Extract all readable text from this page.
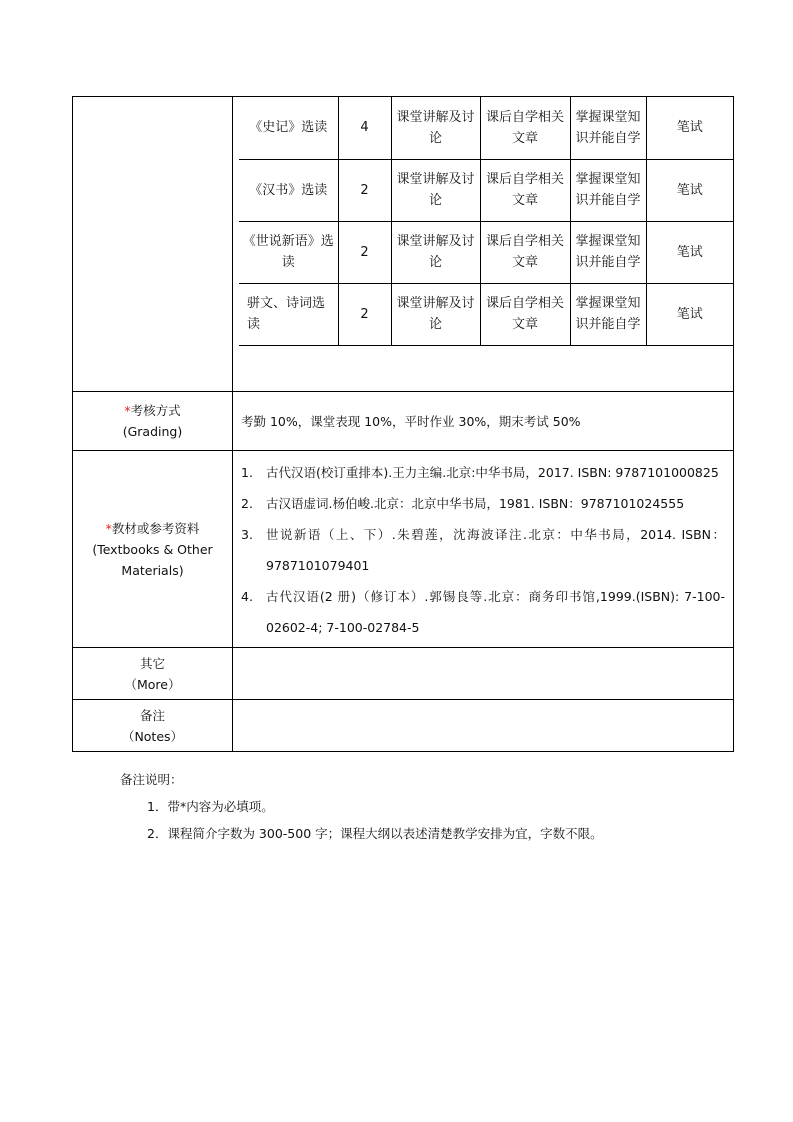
《史记》选读	4	课堂讲解及讨论	课后自学相关文章	掌握课堂知识并能自学	笔试
《汉书》选读	2	课堂讲解及讨论	课后自学相关文章	掌握课堂知识并能自学	笔试
《世说新语》选读	2	课堂讲解及讨论	课后自学相关文章	掌握课堂知识并能自学	笔试
骈文、诗词选读	2	课堂讲解及讨论	课后自学相关文章	掌握课堂知识并能自学	笔试

*考核方式
(Grading)
	考勤 10%，课堂表现 10%，平时作业 30%，期末考试 50%

*教材或参考资料
(Textbooks & Other
Materials)

1.	古代汉语(校订重排本).王力主编.北京:中华书局，2017. ISBN: 9787101000825
2.	古汉语虚词.杨伯峻.北京：北京中华书局，1981. ISBN：9787101024555
3.	世说新语（上、下）.朱碧莲，沈海波译注.北京：中华书局，2014. ISBN：9787101079401
4.	古代汉语(2 册)（修订本）.郭锡良等.北京：商务印书馆,1999.(ISBN): 7-100-02602-4; 7-100-02784-5

其它
（More）

备注
（Notes）

备注说明：
1．带*内容为必填项。
2．课程简介字数为 300-500 字；课程大纲以表述清楚教学安排为宜，字数不限。
